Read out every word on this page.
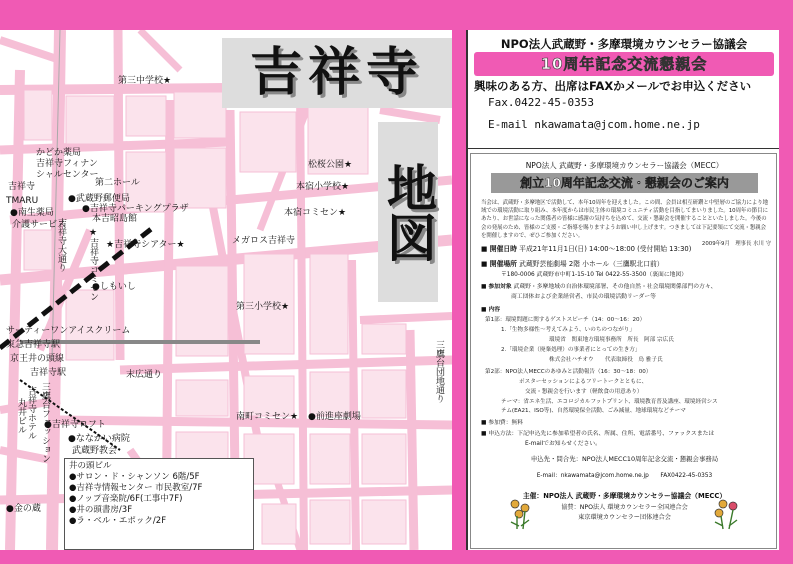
吉祥寺
地図
第三中学校★
かどか薬局
吉祥寺フィナン
シャルセンター
吉祥寺
TMARU
●南生薬局
介護サービス
第二ホール
●武蔵野郵便局
●吉祥寺パーキングプラザ
本吉昭島館
★吉祥寺シアター★
松桜公園★
本宿小学校★
本宿コミセン★
メガロス吉祥寺
●しもいし
第三小学校★
サーティーワンアイスクリーム
東急吉祥寺駅
京王井の頭線
吉祥寺駅	末広通り
●吉祥寺ロフト
南町コミセン★ ●前進座劇場
●ななかい病院
武蔵野教会
●金の蔵
吉祥寺大通り ★吉祥寺コミセン
三鷹台団地通り
三鷹台ファッション
丸井ビル 吉祥寺ホテル
井の頭ビル
●サロン・ド・シャンソン 6階/5F
●吉祥寺情報センター 市民教室/7F
●ノップ音楽院/6F(工事中7F)
●井の頭書房/3F
●ラ・ベル・エポック/2F
NPO法人武蔵野・多摩環境カウンセラー協議会
10周年記念交流懇親会
興味のある方、出席はFAXかメールでお申込ください
Fax.0422-45-0353
E-mail nkawamata@jcom.home.ne.jp
NPO法人 武蔵野・多摩環境カウンセラー協議会（MECC）
創立10周年記念交流・懇親会のご案内
当会は、武蔵野・多摩地区で活動して、本年10周年を迎えました。この間、会員は相互研鑽と中堅層のご協力により地域での環境活動に取り組み、本年度からは市民主体の環境コミュニティ活動を目指してまいりました。10周年の節目にあたり、お世話になった関係者の皆様に感謝の気持ちを込めて、交流・懇親会を開催することといたしました。今後の会の発展のため、皆様のご支援・ご指導を賜りますようお願い申し上げます。つきましては下記要領にて交流・懇親会を開催しますので、ぜひご参加ください。
2009年9月　理事長 水川 守
■ 開催日時 平成21年11月1日(日) 14:00〜18:00 (受付開始 13:30)
■ 開催場所 武蔵野芸能劇場 2階 小ホール（三鷹駅北口前）
〒180-0006 武蔵野市中町1-15-10 Tel 0422-55-3500（裏面に地図）
■ 参加対象 武蔵野・多摩地域の自治体環境部署、その他自然・社会環境関係部門の方々、
商工団体および企業経営者、市民の環境活動リーダー等
■ 内容
第1部：環境問題に関するゲストスピーチ（14：00〜16：20）
1.「生物多様性〜考えてみよう、いのちのつながり」
環境省　関東地方環境事務所　所長　阿部 宗広氏
2.「環境企業（廃棄処理）の事業者にとっての生き方」
株式会社ハチオウ　　代表取締役　鳥 雅子氏
第2部：NPO法人MECCのあゆみと活動報告（16：30〜18：00）
ポスターセッションによるフリートークとともに、
交流・懇親会を行います（軽飲食の用意あり）
テーマ：省エネ生活、エコロジカルフットプリント、環境教育普及講座、環境経営シス
テム(EA21、ISO等)、自然環境保全活動、ごみ減量、地球環境などテーマ
■ 参加費：無料
■ 申込方法：下記申込先に参加希望者の氏名、所属、住所、電話番号、ファックスまたは
E-mailでお知らせください。
申込先・問合先：NPO法人MECC10周年記念交流・懇親会事務局
E-mail：nkawamata@jcom.home.ne.jp　　FAX0422-45-0353
主催：NPO法人 武蔵野・多摩環境カウンセラー協議会（MECC）
協賛：NPO法人 環境カウンセラー全国連合会
東京環境カウンセラー団体連合会
